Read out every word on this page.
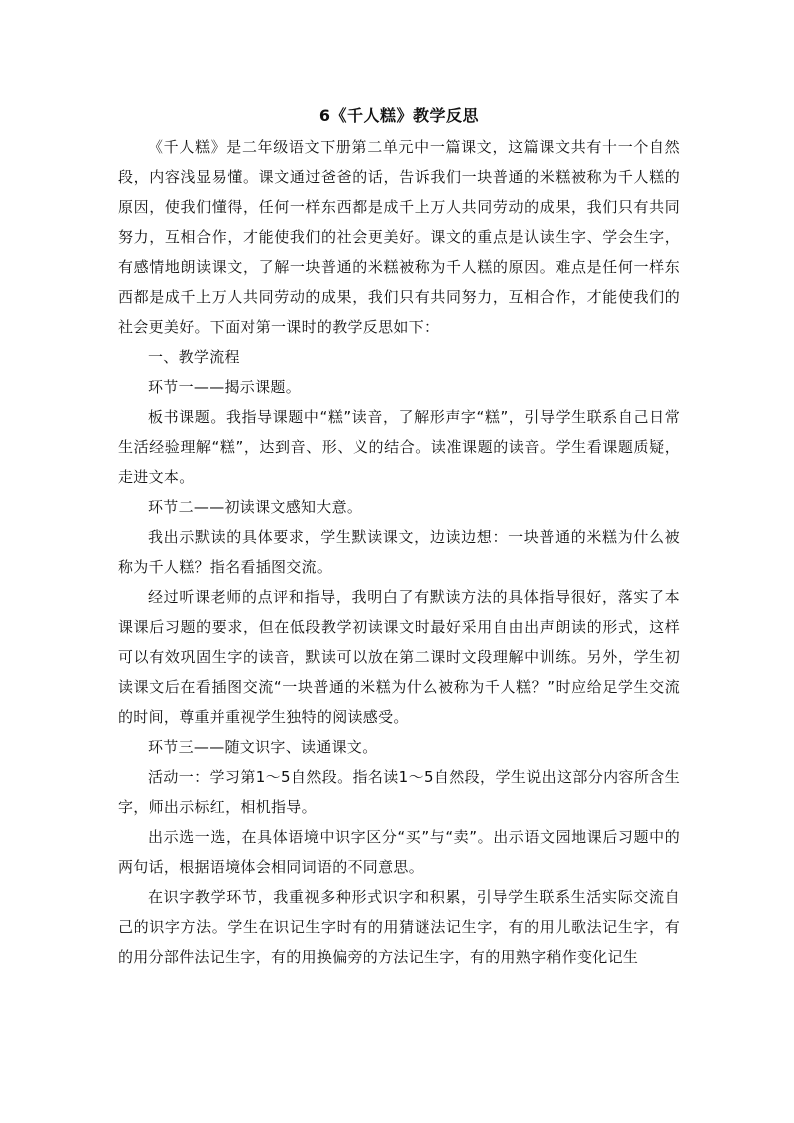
6《千人糕》教学反思

《千人糕》是二年级语文下册第二单元中一篇课文，这篇课文共有十一个自然段，内容浅显易懂。课文通过爸爸的话，告诉我们一块普通的米糕被称为千人糕的原因，使我们懂得，任何一样东西都是成千上万人共同劳动的成果，我们只有共同努力，互相合作，才能使我们的社会更美好。课文的重点是认读生字、学会生字，有感情地朗读课文，了解一块普通的米糕被称为千人糕的原因。难点是任何一样东西都是成千上万人共同劳动的成果，我们只有共同努力，互相合作，才能使我们的社会更美好。下面对第一课时的教学反思如下：

一、教学流程

环节一——揭示课题。

板书课题。我指导课题中“糕”读音，了解形声字“糕”，引导学生联系自己日常生活经验理解“糕”，达到音、形、义的结合。读准课题的读音。学生看课题质疑，走进文本。

环节二——初读课文感知大意。

我出示默读的具体要求，学生默读课文，边读边想：一块普通的米糕为什么被称为千人糕？指名看插图交流。

经过听课老师的点评和指导，我明白了有默读方法的具体指导很好，落实了本课课后习题的要求，但在低段教学初读课文时最好采用自由出声朗读的形式，这样可以有效巩固生字的读音，默读可以放在第二课时文段理解中训练。另外，学生初读课文后在看插图交流“一块普通的米糕为什么被称为千人糕？”时应给足学生交流的时间，尊重并重视学生独特的阅读感受。

环节三——随文识字、读通课文。

活动一：学习第1～5自然段。指名读1～5自然段，学生说出这部分内容所含生字，师出示标红，相机指导。

出示选一选，在具体语境中识字区分“买”与“卖”。出示语文园地课后习题中的两句话，根据语境体会相同词语的不同意思。

在识字教学环节，我重视多种形式识字和积累，引导学生联系生活实际交流自己的识字方法。学生在识记生字时有的用猜谜法记生字，有的用儿歌法记生字，有的用分部件法记生字，有的用换偏旁的方法记生字，有的用熟字稍作变化记生
